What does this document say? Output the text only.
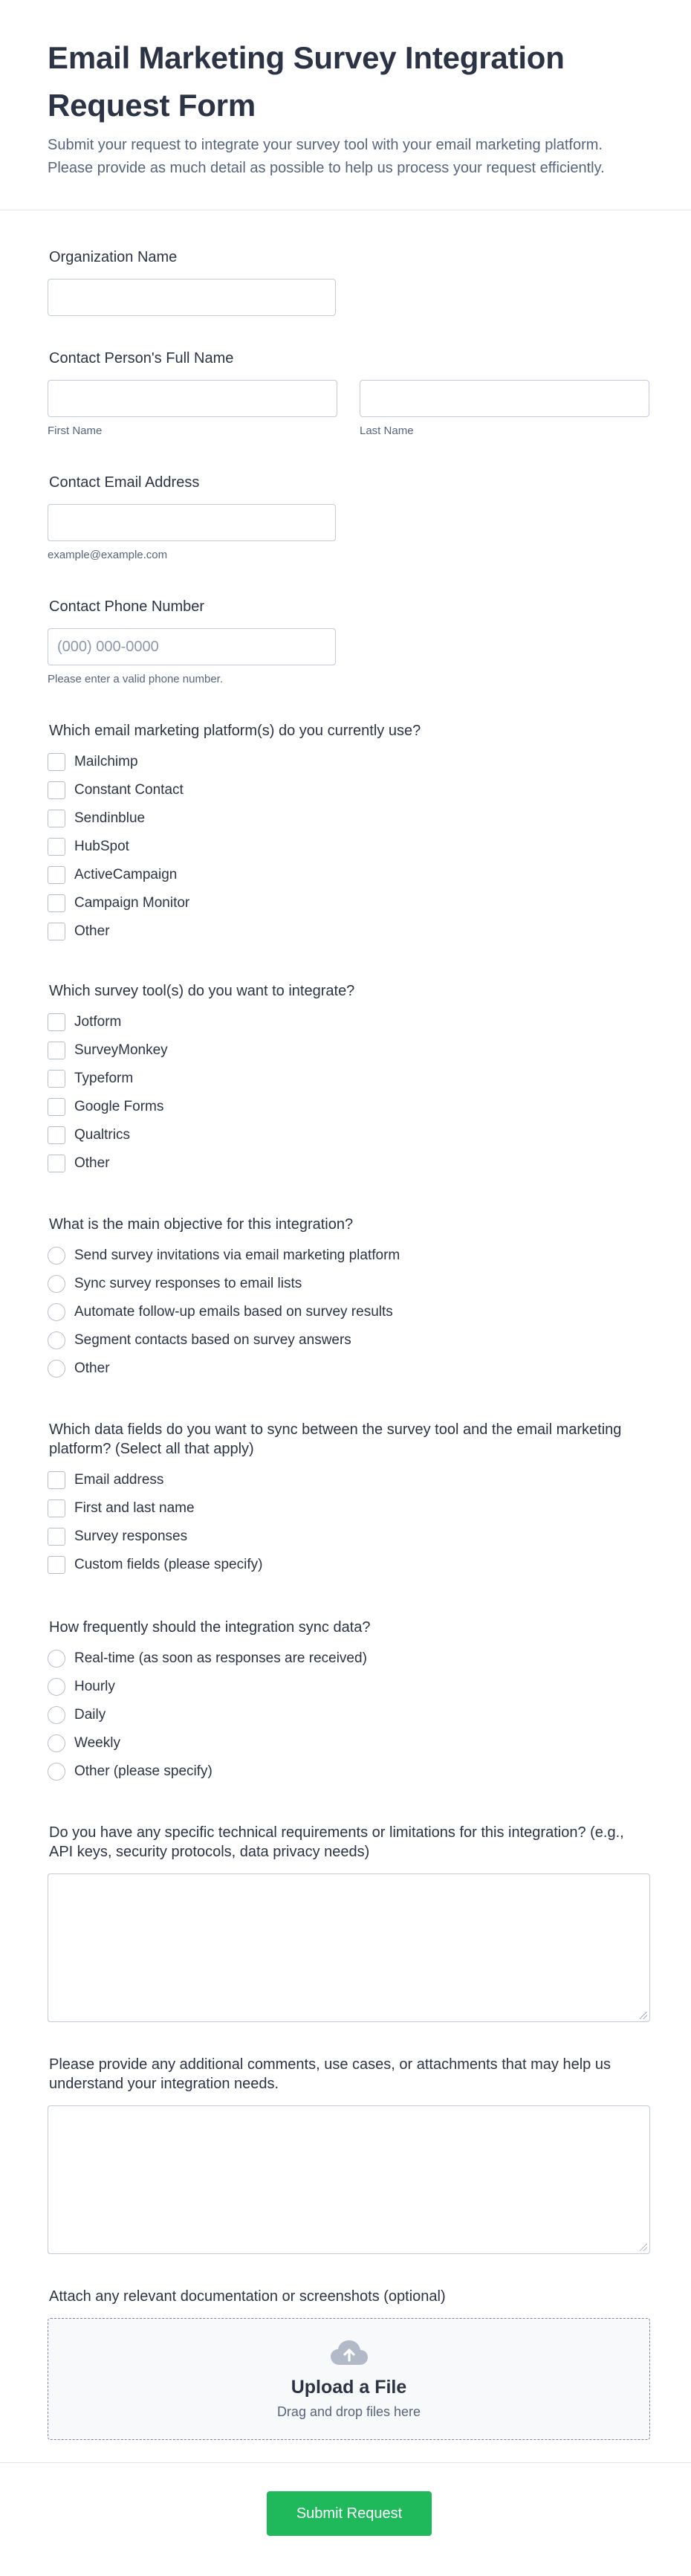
Email Marketing Survey Integration Request Form

Submit your request to integrate your survey tool with your email marketing platform. Please provide as much detail as possible to help us process your request efficiently.

Organization Name
Contact Person's Full Name
First Name	Last Name
Contact Email Address
example@example.com
Contact Phone Number
(000) 000-0000
Please enter a valid phone number.
Which email marketing platform(s) do you currently use?
Mailchimp
Constant Contact
Sendinblue
HubSpot
ActiveCampaign
Campaign Monitor
Other
Which survey tool(s) do you want to integrate?
Jotform
SurveyMonkey
Typeform
Google Forms
Qualtrics
Other
What is the main objective for this integration?
Send survey invitations via email marketing platform
Sync survey responses to email lists
Automate follow-up emails based on survey results
Segment contacts based on survey answers
Other
Which data fields do you want to sync between the survey tool and the email marketing platform? (Select all that apply)
Email address
First and last name
Survey responses
Custom fields (please specify)
How frequently should the integration sync data?
Real-time (as soon as responses are received)
Hourly
Daily
Weekly
Other (please specify)
Do you have any specific technical requirements or limitations for this integration? (e.g., API keys, security protocols, data privacy needs)
Please provide any additional comments, use cases, or attachments that may help us understand your integration needs.
Attach any relevant documentation or screenshots (optional)
Upload a File
Drag and drop files here
Submit Request
